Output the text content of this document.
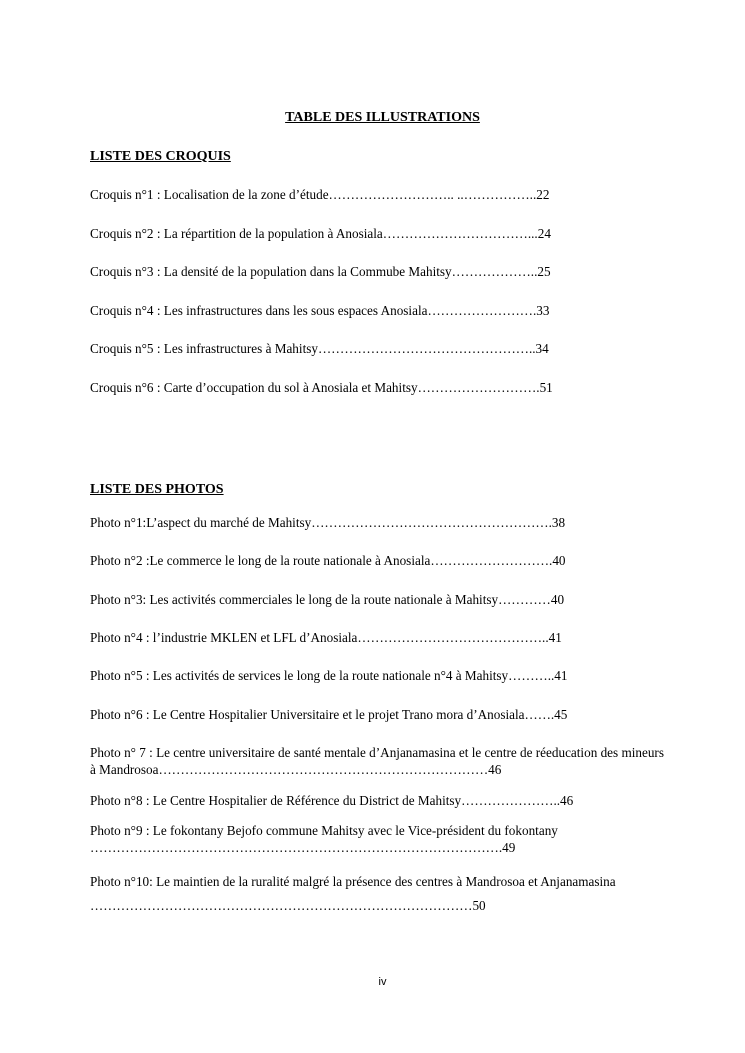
TABLE DES ILLUSTRATIONS
LISTE DES CROQUIS
Croquis n°1 : Localisation de la zone d’étude……………………….. ..……………..22
Croquis n°2 : La répartition de la population à Anosiala……………………………...24
Croquis n°3 : La densité de la population dans la Commube Mahitsy………………..25
Croquis n°4 : Les infrastructures dans les sous espaces Anosiala…………………….33
Croquis n°5 : Les infrastructures à Mahitsy…………………………………………..34
Croquis n°6 : Carte d’occupation du sol à Anosiala et Mahitsy……………………….51
LISTE DES PHOTOS
Photo n°1:L’aspect du marché de Mahitsy……………………………………………….38
Photo n°2 :Le commerce le long de la route nationale à Anosiala……………………….40
Photo n°3: Les activités commerciales le long de la route nationale à Mahitsy…………40
Photo n°4 : l’industrie MKLEN et LFL d’Anosiala……………………………………..41
Photo n°5 : Les activités de services le long de la route nationale n°4 à Mahitsy………..41
Photo n°6 : Le Centre Hospitalier Universitaire et le projet Trano mora d’Anosiala…….45
Photo n° 7 : Le centre universitaire de santé mentale d’Anjanamasina et le centre de réeducation des mineurs à Mandrosoa…………………………………………………………………46
Photo n°8 : Le Centre Hospitalier de Référence du District de Mahitsy…………………..46
Photo n°9 : Le fokontany Bejofo commune Mahitsy avec le Vice-président du fokontany ………………………………………………………………………………….49
Photo n°10: Le maintien de la ruralité malgré la présence des centres à Mandrosoa et Anjanamasina ……………………………………………………………………………50
iv
